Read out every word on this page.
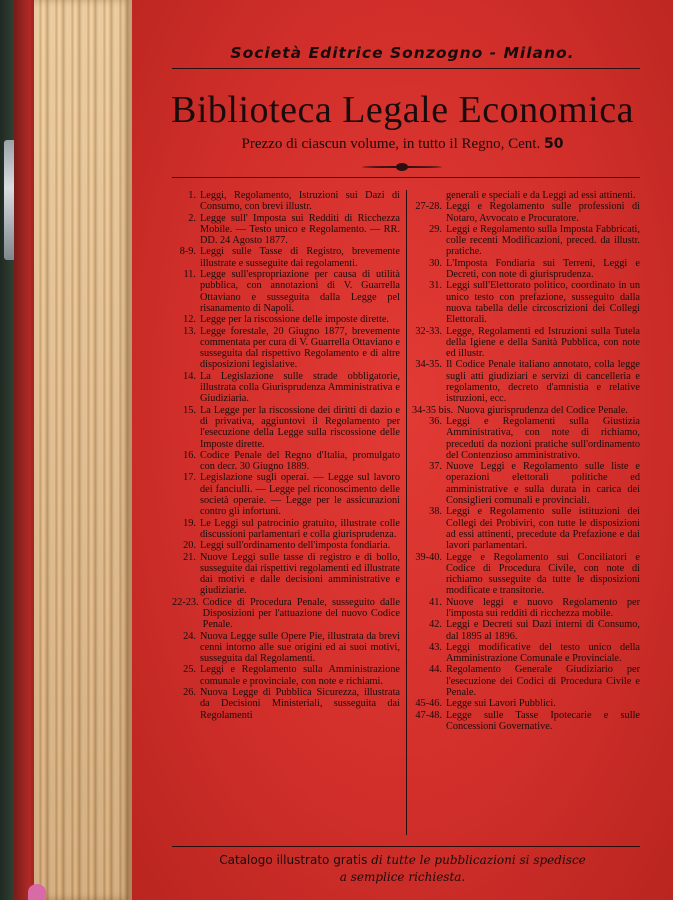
Società Editrice Sonzogno - Milano.
Biblioteca Legale Economica
Prezzo di ciascun volume, in tutto il Regno, Cent. 50
1. Leggi, Regolamento, Istruzioni sui Dazi di Consumo, con brevi illustr.
2. Legge sull' Imposta sui Redditi di Ricchezza Mobile. — Testo unico e Regolamento. — RR. DD. 24 Agosto 1877.
8-9. Leggi sulle Tasse di Registro, brevemente illustrate e susseguite dai regolamenti.
11. Legge sull'espropriazione per causa di utilità pubblica, con annotazioni di V. Guarrella Ottaviano e susseguita dalla Legge pel risanamento di Napoli.
12. Legge per la riscossione delle imposte dirette.
13. Legge forestale, 20 Giugno 1877, brevemente commentata per cura di V. Guarrella Ottaviano e susseguita dal rispettivo Regolamento e di altre disposizioni legislative.
14. La Legislazione sulle strade obbligatorie, illustrata colla Giurisprudenza Amministrativa e Giudiziaria.
15. La Legge per la riscossione dei diritti di dazio e di privativa, aggiuntovi il Regolamento per l'esecuzione della Legge sulla riscossione delle Imposte dirette.
16. Codice Penale del Regno d'Italia, promulgato con decr. 30 Giugno 1889.
17. Legislazione sugli operai. — Legge sul lavoro dei fanciulli. — Legge pel riconoscimento delle società operaie. — Legge per le assicurazioni contro gli infortuni.
19. Le Leggi sul patrocinio gratuito, illustrate colle discussioni parlamentari e colla giurisprudenza.
20. Leggi sull'ordinamento dell'imposta fondiaria.
21. Nuove Leggi sulle tasse di registro e di bollo, susseguite dai rispettivi regolamenti ed illustrate dai motivi e dalle decisioni amministrative e giudiziarie.
22-23. Codice di Procedura Penale, susseguito dalle Disposizioni per l'attuazione del nuovo Codice Penale.
24. Nuova Legge sulle Opere Pie, illustrata da brevi cenni intorno alle sue origini ed ai suoi motivi, susseguita dal Regolamenti.
25. Leggi e Regolamento sulla Amministrazione comunale e provinciale, con note e richiami.
26. Nuova Legge di Pubblica Sicurezza, illustrata da Decisioni Ministeriali, susseguita dai Regolamenti
generali e speciali e da Leggi ad essi attinenti.
27-28. Leggi e Regolamento sulle professioni di Notaro, Avvocato e Procuratore.
29. Leggi e Regolamento sulla Imposta Fabbricati, colle recenti Modificazioni, preced. da illustr. pratiche.
30. L'Imposta Fondiaria sui Terreni, Leggi e Decreti, con note di giurisprudenza.
31. Leggi sull'Elettorato politico, coordinato in un unico testo con prefazione, susseguito dalla nuova tabella delle circoscrizioni dei Collegi Elettorali.
32-33. Legge, Regolamenti ed Istruzioni sulla Tutela della Igiene e della Sanità Pubblica, con note ed illustr.
34-35. Il Codice Penale italiano annotato, colla legge sugli atti giudiziari e servizi di cancelleria e regolamento, decreto d'amnistia e relative istruzioni, ecc.
34-35 bis. Nuova giurisprudenza del Codice Penale.
36. Leggi e Regolamenti sulla Giustizia Amministrativa, con note di richiamo, preceduti da nozioni pratiche sull'ordinamento del Contenzioso amministrativo.
37. Nuove Leggi e Regolamento sulle liste e operazioni elettorali politiche ed amministrative e sulla durata in carica dei Consiglieri comunali e provinciali.
38. Leggi e Regolamento sulle istituzioni dei Collegi dei Probiviri, con tutte le disposizioni ad essi attinenti, precedute da Prefazione e dai lavori parlamentari.
39-40. Legge e Regolamento sui Conciliatori e Codice di Procedura Civile, con note di richiamo susseguite da tutte le disposizioni modificate e transitorie.
41. Nuove leggi e nuovo Regolamento per l'imposta sui redditi di ricchezza mobile.
42. Leggi e Decreti sui Dazi interni di Consumo, dal 1895 al 1896.
43. Leggi modificative del testo unico della Amministrazione Comunale e Provinciale.
44. Regolamento Generale Giudiziario per l'esecuzione dei Codici di Procedura Civile e Penale.
45-46. Legge sui Lavori Pubblici.
47-48. Legge sulle Tasse Ipotecarie e sulle Concessioni Governative.
Catalogo illustrato gratis di tutte le pubblicazioni si spedisce
a semplice richiesta.
